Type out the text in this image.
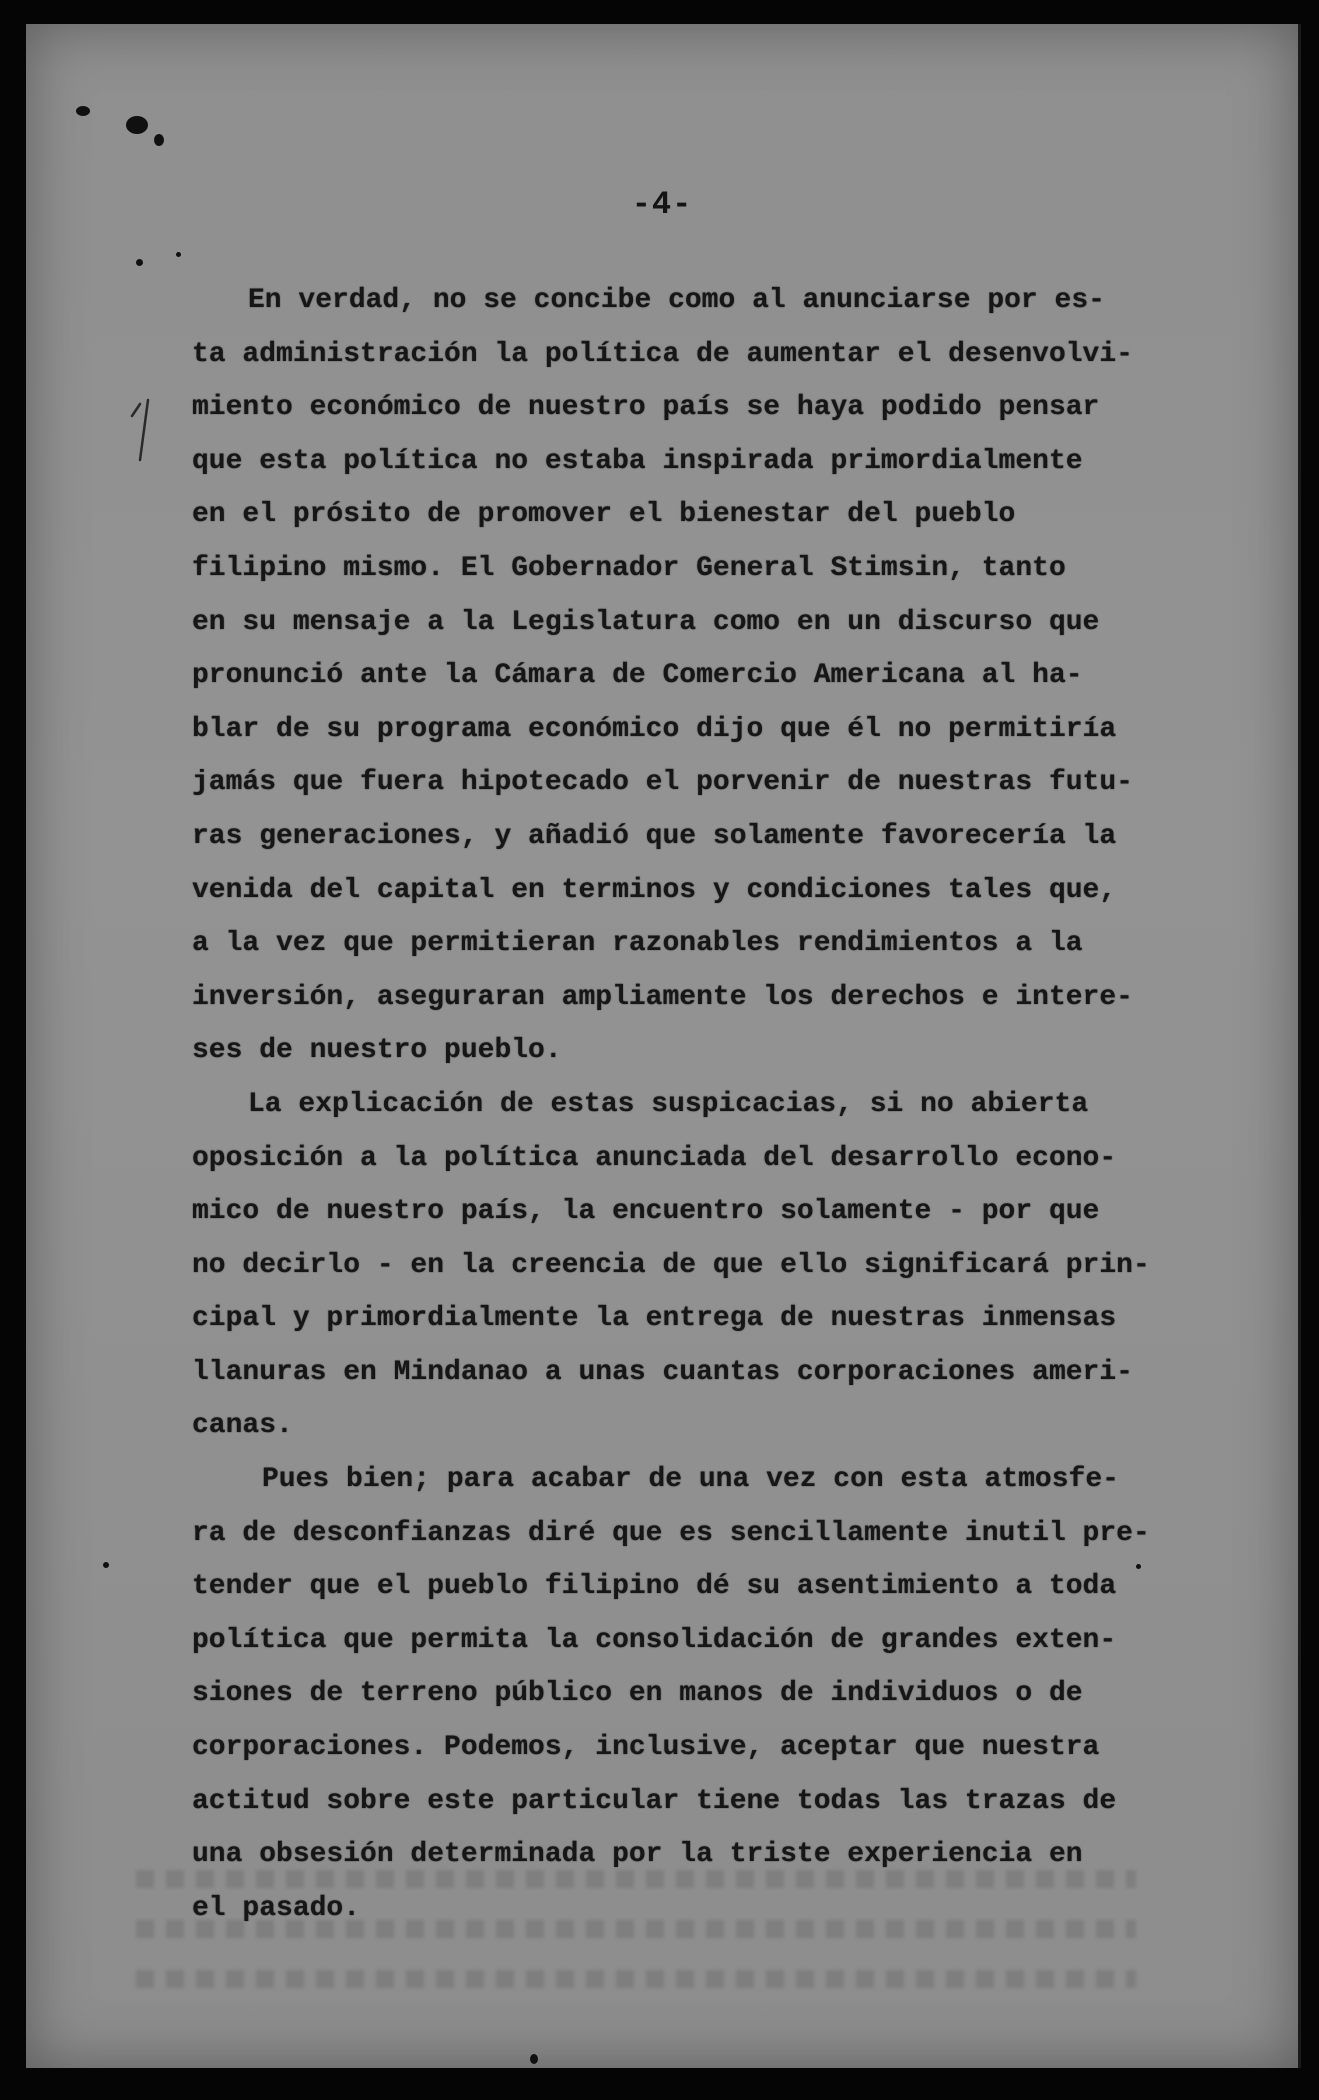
-4-
En verdad, no se concibe como al anunciarse por es-
ta administración la política de aumentar el desenvolvi-
miento económico de nuestro país se haya podido pensar
que esta política no estaba inspirada primordialmente
en el prósito de promover el bienestar del pueblo
filipino mismo. El Gobernador General Stimsin, tanto
en su mensaje a la Legislatura como en un discurso que
pronunció ante la Cámara de Comercio Americana al ha-
blar de su programa económico dijo que él no permitiría
jamás que fuera hipotecado el porvenir de nuestras futu-
ras generaciones, y añadió que solamente favorecería la
venida del capital en terminos y condiciones tales que,
a la vez que permitieran razonables rendimientos a la
inversión, aseguraran ampliamente los derechos e intere-
ses de nuestro pueblo.
La explicación de estas suspicacias, si no abierta
oposición a la política anunciada del desarrollo econo-
mico de nuestro país, la encuentro solamente - por que
no decirlo - en la creencia de que ello significará prin-
cipal y primordialmente la entrega de nuestras inmensas
llanuras en Mindanao a unas cuantas corporaciones ameri-
canas.
Pues bien; para acabar de una vez con esta atmosfe-
ra de desconfianzas diré que es sencillamente inutil pre-
tender que el pueblo filipino dé su asentimiento a toda
política que permita la consolidación de grandes exten-
siones de terreno público en manos de individuos o de
corporaciones. Podemos, inclusive, aceptar que nuestra
actitud sobre este particular tiene todas las trazas de
una obsesión determinada por la triste experiencia en
el pasado.
